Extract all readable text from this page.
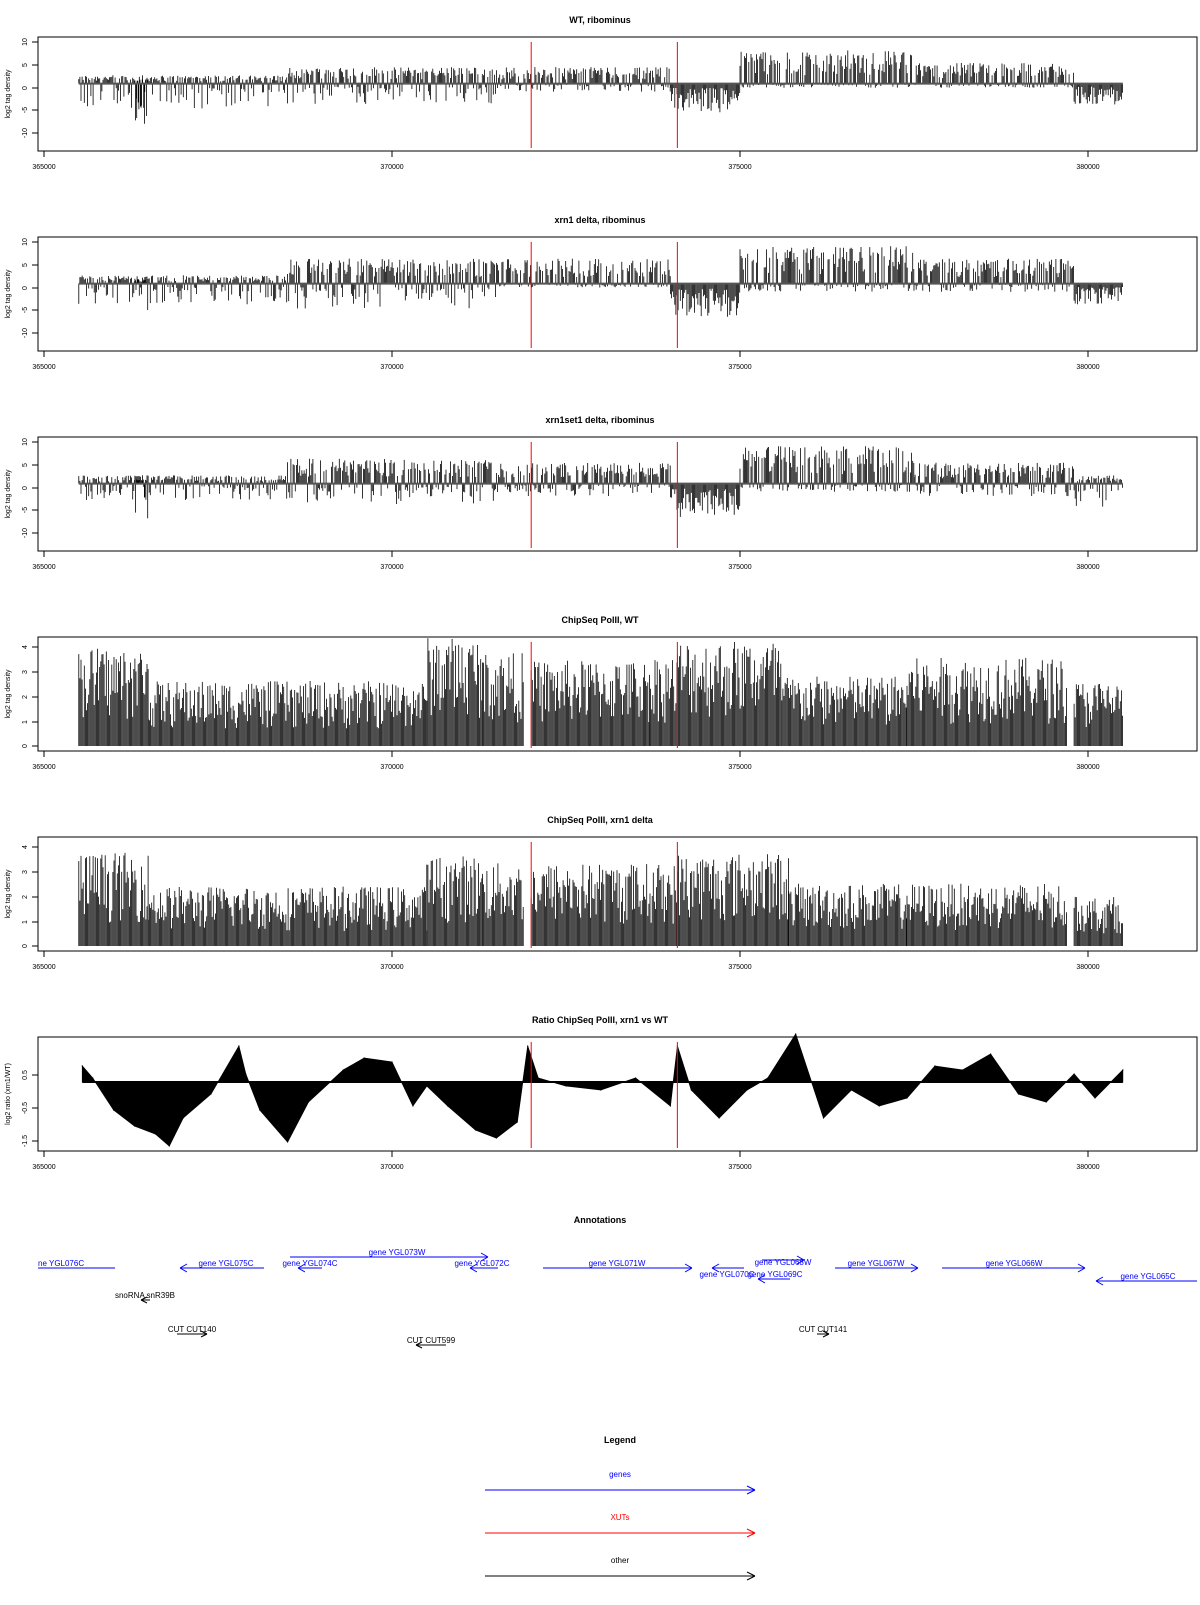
WT, ribominus
log2 tag density
-10
-5
0
5
10
365000	370000	375000	380000
xrn1 delta, ribominus
log2 tag density
-10
-5
0
5
10
365000	370000	375000	380000
xrn1set1 delta, ribominus
log2 tag density
-10
-5
0
5
10
365000	370000	375000	380000
ChipSeq PolII, WT
log2 tag density
0
1
2
3
4
365000	370000	375000	380000
ChipSeq PolII, xrn1 delta
log2 tag density
0
1
2
3
4
365000	370000	375000	380000
Ratio ChipSeq PolII, xrn1 vs WT
log2 ratio (xrn1/WT)
-1.5
-0.5
0.5
365000	370000	375000	380000
Annotations
ne YGL076C	gene YGL075C	gene YGL074C
gene YGL073W
gene YGL072C	gene YGL071W
gene YGL070C
gene YGL068W
gene YGL069C
gene YGL067W	gene YGL066W
gene YGL065C
snoRNA snR39B
CUT CUT140
CUT CUT599
CUT CUT141
Legend
genes
XUTs
other
